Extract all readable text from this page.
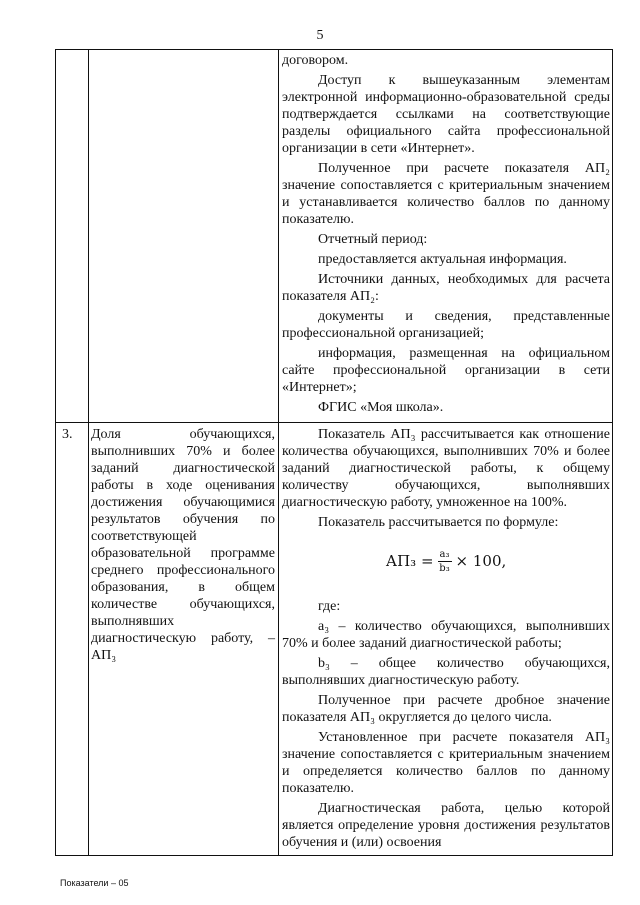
5

договором.

Доступ к вышеуказанным элементам электронной информационно-образовательной среды подтверждается ссылками на соответствующие разделы официального сайта профессиональной организации в сети «Интернет».

Полученное при расчете показателя АП₂ значение сопоставляется с критериальным значением и устанавливается количество баллов по данному показателю.

Отчетный период:

предоставляется актуальная информация.

Источники данных, необходимых для расчета показателя АП₂:

документы и сведения, представленные профессиональной организацией;

информация, размещенная на официальном сайте профессиональной организации в сети «Интернет»;

ФГИС «Моя школа».

3.	Доля обучающихся, выполнивших 70% и более заданий диагностической работы в ходе оценивания достижения обучающимися результатов обучения по соответствующей образовательной программе среднего профессионального образования, в общем количестве обучающихся, выполнявших диагностическую работу, – АП₃

Показатель АП₃ рассчитывается как отношение количества обучающихся, выполнивших 70% и более заданий диагностической работы, к общему количеству обучающихся, выполнявших диагностическую работу, умноженное на 100%.

Показатель рассчитывается по формуле:

$АП_3 = \frac{\text{a₃}}{\text{b₃}} \times 100$,

где:

a₃ – количество обучающихся, выполнивших 70% и более заданий диагностической работы;

b₃ – общее количество обучающихся, выполнявших диагностическую работу.

Полученное при расчете дробное значение показателя АП₃ округляется до целого числа.

Установленное при расчете показателя АП₃ значение сопоставляется с критериальным значением и определяется количество баллов по данному показателю.

Диагностическая работа, целью которой является определение уровня достижения результатов обучения и (или) освоения

Показатели – 05
